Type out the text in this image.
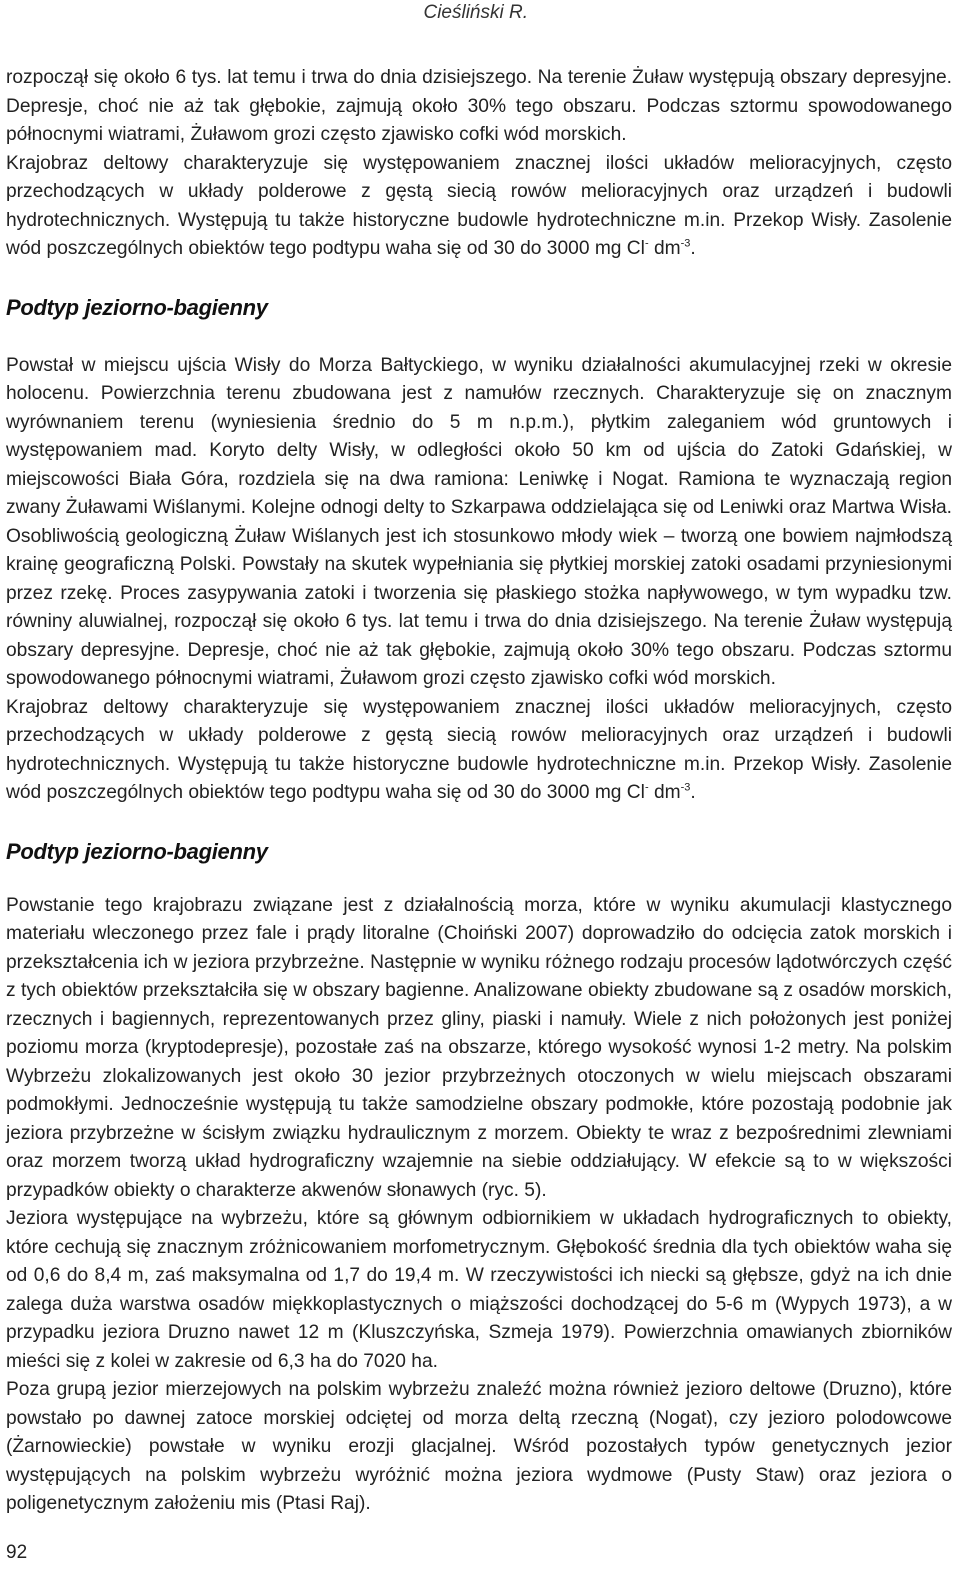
Cieśliński R.

rozpoczął się około 6 tys. lat temu i trwa do dnia dzisiejszego. Na terenie Żuław występują obszary depresyjne. Depresje, choć nie aż tak głębokie, zajmują około 30% tego obszaru. Podczas sztormu spowodowanego północnymi wiatrami, Żuławom grozi często zjawisko cofki wód morskich.

Krajobraz deltowy charakteryzuje się występowaniem znacznej ilości układów melioracyjnych, często przechodzących w układy polderowe z gęstą siecią rowów melioracyjnych oraz urządzeń i budowli hydrotechnicznych. Występują tu także historyczne budowle hydrotechniczne m.in. Przekop Wisły. Zasolenie wód poszczególnych obiektów tego podtypu waha się od 30 do 3000 mg Cl- $dm^{-3}$.

Podtyp jeziorno-bagienny

Powstał w miejscu ujścia Wisły do Morza Bałtyckiego, w wyniku działalności akumulacyjnej rzeki w okresie holocenu. Powierzchnia terenu zbudowana jest z namułów rzecznych. Charakteryzuje się on znacznym wyrównaniem terenu (wyniesienia średnio do 5 m n.p.m.), płytkim zaleganiem wód gruntowych i występowaniem mad. Koryto delty Wisły, w odległości około 50 km od ujścia do Zatoki Gdańskiej, w miejscowości Biała Góra, rozdziela się na dwa ramiona: Leniwkę i Nogat. Ramiona te wyznaczają region zwany Żuławami Wiślanymi. Kolejne odnogi delty to Szkarpawa oddzielająca się od Leniwki oraz Martwa Wisła. Osobliwością geologiczną Żuław Wiślanych jest ich stosunkowo młody wiek – tworzą one bowiem najmłodszą krainę geograficzną Polski. Powstały na skutek wypełniania się płytkiej morskiej zatoki osadami przyniesionymi przez rzekę. Proces zasypywania zatoki i tworzenia się płaskiego stożka napływowego, w tym wypadku tzw. równiny aluwialnej, rozpoczął się około 6 tys. lat temu i trwa do dnia dzisiejszego. Na terenie Żuław występują obszary depresyjne. Depresje, choć nie aż tak głębokie, zajmują około 30% tego obszaru. Podczas sztormu spowodowanego północnymi wiatrami, Żuławom grozi często zjawisko cofki wód morskich.

Krajobraz deltowy charakteryzuje się występowaniem znacznej ilości układów melioracyjnych, często przechodzących w układy polderowe z gęstą siecią rowów melioracyjnych oraz urządzeń i budowli hydrotechnicznych. Występują tu także historyczne budowle hydrotechniczne m.in. Przekop Wisły. Zasolenie wód poszczególnych obiektów tego podtypu waha się od 30 do 3000 mg Cl- $dm^{-3}$.

Podtyp jeziorno-bagienny

Powstanie tego krajobrazu związane jest z działalnością morza, które w wyniku akumulacji klastycznego materiału wleczonego przez fale i prądy litoralne (Choiński 2007) doprowadziło do odcięcia zatok morskich i przekształcenia ich w jeziora przybrzeżne. Następnie w wyniku różnego rodzaju procesów lądotwórczych część z tych obiektów przekształciła się w obszary bagienne. Analizowane obiekty zbudowane są z osadów morskich, rzecznych i bagiennych, reprezentowanych przez gliny, piaski i namuły. Wiele z nich położonych jest poniżej poziomu morza (kryptodepresje), pozostałe zaś na obszarze, którego wysokość wynosi 1-2 metry. Na polskim Wybrzeżu zlokalizowanych jest około 30 jezior przybrzeżnych otoczonych w wielu miejscach obszarami podmokłymi. Jednocześnie występują tu także samodzielne obszary podmokłe, które pozostają podobnie jak jeziora przybrzeżne w ścisłym związku hydraulicznym z morzem. Obiekty te wraz z bezpośrednimi zlewniami oraz morzem tworzą układ hydrograficzny wzajemnie na siebie oddziałujący. W efekcie są to w większości przypadków obiekty o charakterze akwenów słonawych (ryc. 5).

Jeziora występujące na wybrzeżu, które są głównym odbiornikiem w układach hydrograficznych to obiekty, które cechują się znacznym zróżnicowaniem morfometrycznym. Głębokość średnia dla tych obiektów waha się od 0,6 do 8,4 m, zaś maksymalna od 1,7 do 19,4 m. W rzeczywistości ich niecki są głębsze, gdyż na ich dnie zalega duża warstwa osadów miękkoplastycznych o miąższości dochodzącej do 5-6 m (Wypych 1973), a w przypadku jeziora Druzno nawet 12 m (Kluszczyńska, Szmeja 1979). Powierzchnia omawianych zbiorników mieści się z kolei w zakresie od 6,3 ha do 7020 ha.

Poza grupą jezior mierzejowych na polskim wybrzeżu znaleźć można również jezioro deltowe (Druzno), które powstało po dawnej zatoce morskiej odciętej od morza deltą rzeczną (Nogat), czy jezioro polodowcowe (Żarnowieckie) powstałe w wyniku erozji glacjalnej. Wśród pozostałych typów genetycznych jezior występujących na polskim wybrzeżu wyróżnić można jeziora wydmowe (Pusty Staw) oraz jeziora o poligenetycznym założeniu mis (Ptasi Raj).

92
